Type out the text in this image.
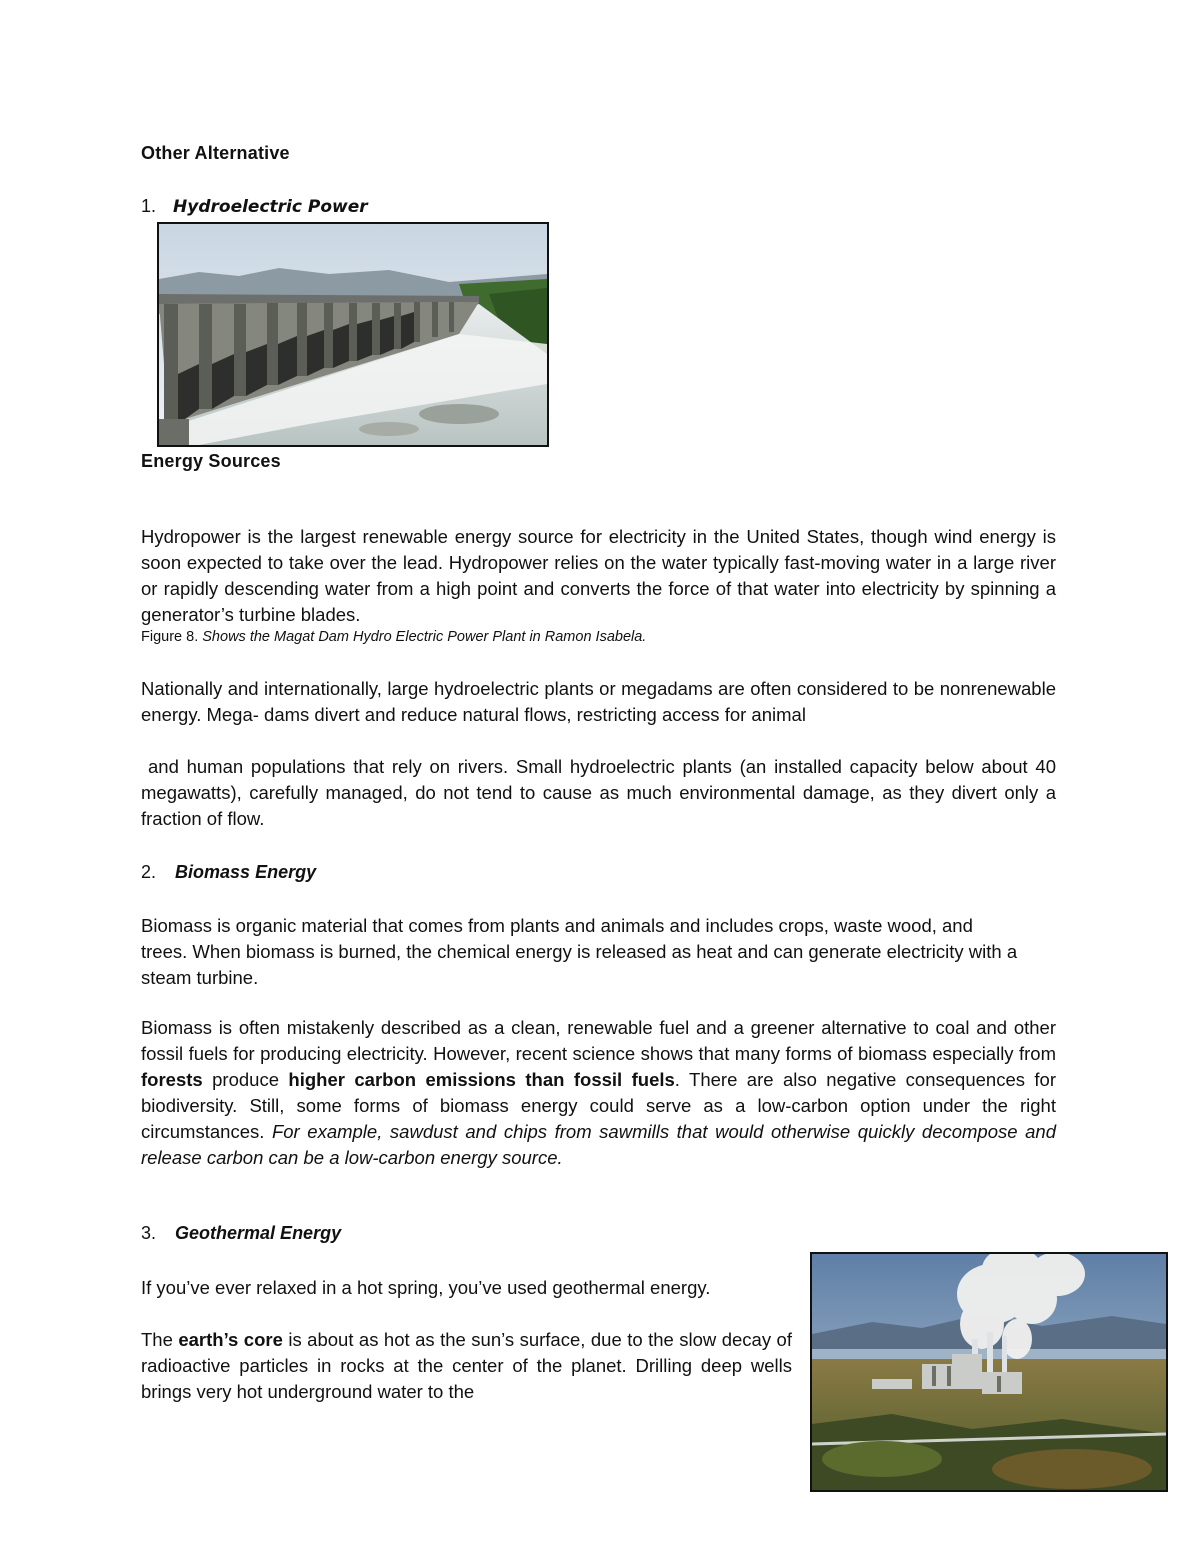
Other Alternative
1. Hydroelectric Power
Energy Sources
Hydropower is the largest renewable energy source for electricity in the United States, though wind energy is soon expected to take over the lead. Hydropower relies on the water typically fast-moving water in a large river or rapidly descending water from a high point and converts the force of that water into electricity by spinning a generator’s turbine blades.
Figure 8. Shows the Magat Dam Hydro Electric Power Plant in Ramon Isabela.
Nationally and internationally, large hydroelectric plants or megadams are often considered to be nonrenewable energy. Mega- dams divert and reduce natural flows, restricting access for animal
and human populations that rely on rivers. Small hydroelectric plants (an installed capacity below about 40 megawatts), carefully managed, do not tend to cause as much environmental damage, as they divert only a fraction of flow.
2. Biomass Energy
Biomass is organic material that comes from plants and animals and includes crops, waste wood, and trees. When biomass is burned, the chemical energy is released as heat and can generate electricity with a steam turbine.
Biomass is often mistakenly described as a clean, renewable fuel and a greener alternative to coal and other fossil fuels for producing electricity. However, recent science shows that many forms of biomass especially from forests produce higher carbon emissions than fossil fuels. There are also negative consequences for biodiversity. Still, some forms of biomass energy could serve as a low-carbon option under the right circumstances. For example, sawdust and chips from sawmills that would otherwise quickly decompose and release carbon can be a low-carbon energy source.
3. Geothermal Energy
If you’ve ever relaxed in a hot spring, you’ve used geothermal energy.
The earth’s core is about as hot as the sun’s surface, due to the slow decay of radioactive particles in rocks at the center of the planet. Drilling deep wells brings very hot underground water to the
